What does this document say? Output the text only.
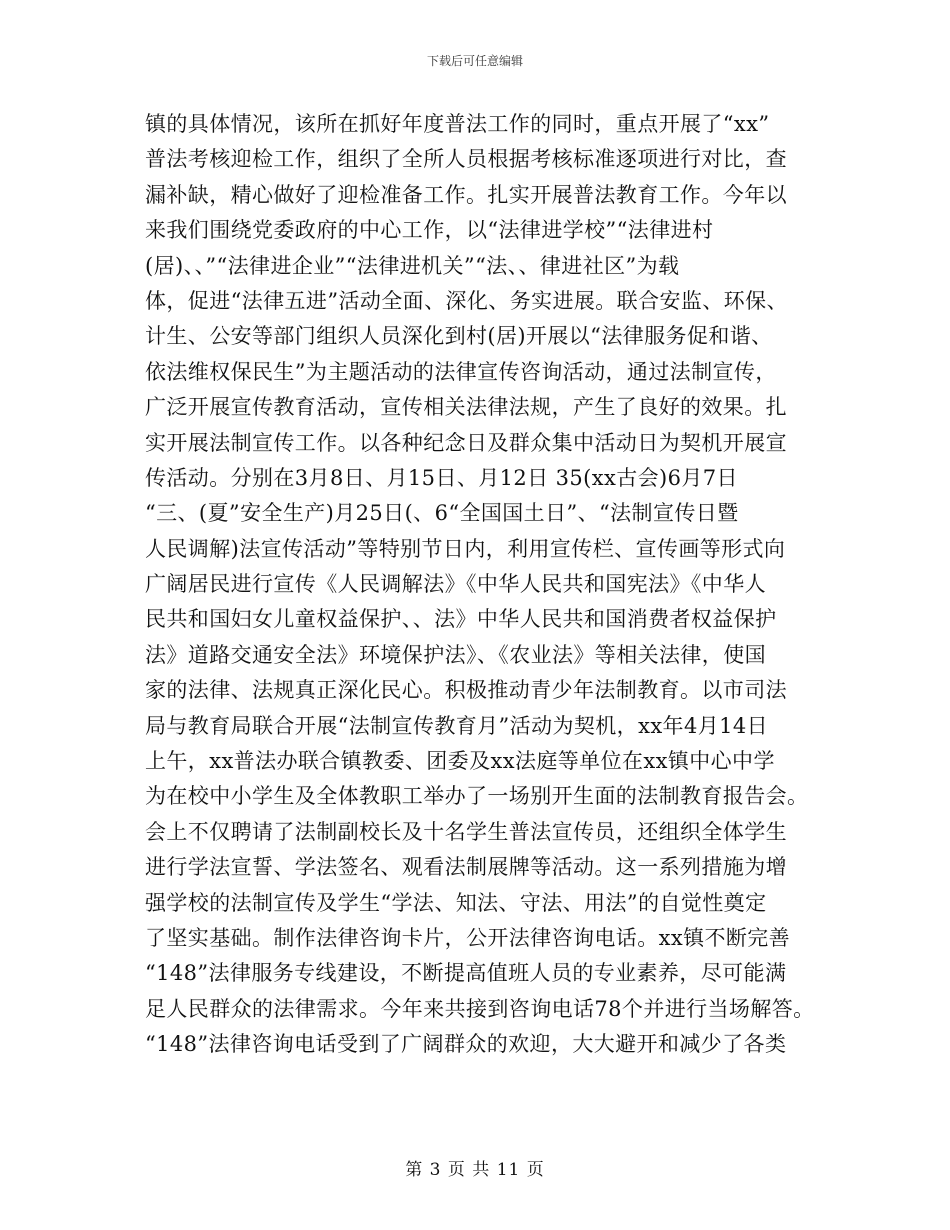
下载后可任意编辑
镇的具体情况，该所在抓好年度普法工作的同时，重点开展了“xx”
普法考核迎检工作，组织了全所人员根据考核标准逐项进行对比，查
漏补缺，精心做好了迎检准备工作。扎实开展普法教育工作。今年以
来我们围绕党委政府的中心工作，以“法律进学校”“法律进村
(居)、、”“法律进企业”“法律进机关”“法、、律进社区”为载
体，促进“法律五进”活动全面、深化、务实进展。联合安监、环保、
计生、公安等部门组织人员深化到村(居)开展以“法律服务促和谐、
依法维权保民生”为主题活动的法律宣传咨询活动，通过法制宣传，
广泛开展宣传教育活动，宣传相关法律法规，产生了良好的效果。扎
实开展法制宣传工作。以各种纪念日及群众集中活动日为契机开展宣
传活动。分别在3月8日、月15日、月12日 35(xx古会)6月7日
“三、(夏”安全生产)月25日(、6“全国国土日”、“法制宣传日暨
人民调解)法宣传活动”等特别节日内，利用宣传栏、宣传画等形式向
广阔居民进行宣传《人民调解法》《中华人民共和国宪法》《中华人
民共和国妇女儿童权益保护、、法》中华人民共和国消费者权益保护
法》道路交通安全法》环境保护法》、《农业法》等相关法律，使国
家的法律、法规真正深化民心。积极推动青少年法制教育。以市司法
局与教育局联合开展“法制宣传教育月”活动为契机，xx年4月14日
上午，xx普法办联合镇教委、团委及xx法庭等单位在xx镇中心中学
为在校中小学生及全体教职工举办了一场别开生面的法制教育报告会。
会上不仅聘请了法制副校长及十名学生普法宣传员，还组织全体学生
进行学法宣誓、学法签名、观看法制展牌等活动。这一系列措施为增
强学校的法制宣传及学生“学法、知法、守法、用法”的自觉性奠定
了坚实基础。制作法律咨询卡片，公开法律咨询电话。xx镇不断完善
“148”法律服务专线建设，不断提高值班人员的专业素养，尽可能满
足人民群众的法律需求。今年来共接到咨询电话78个并进行当场解答。
“148”法律咨询电话受到了广阔群众的欢迎，大大避开和减少了各类
第 3 页 共 11 页
